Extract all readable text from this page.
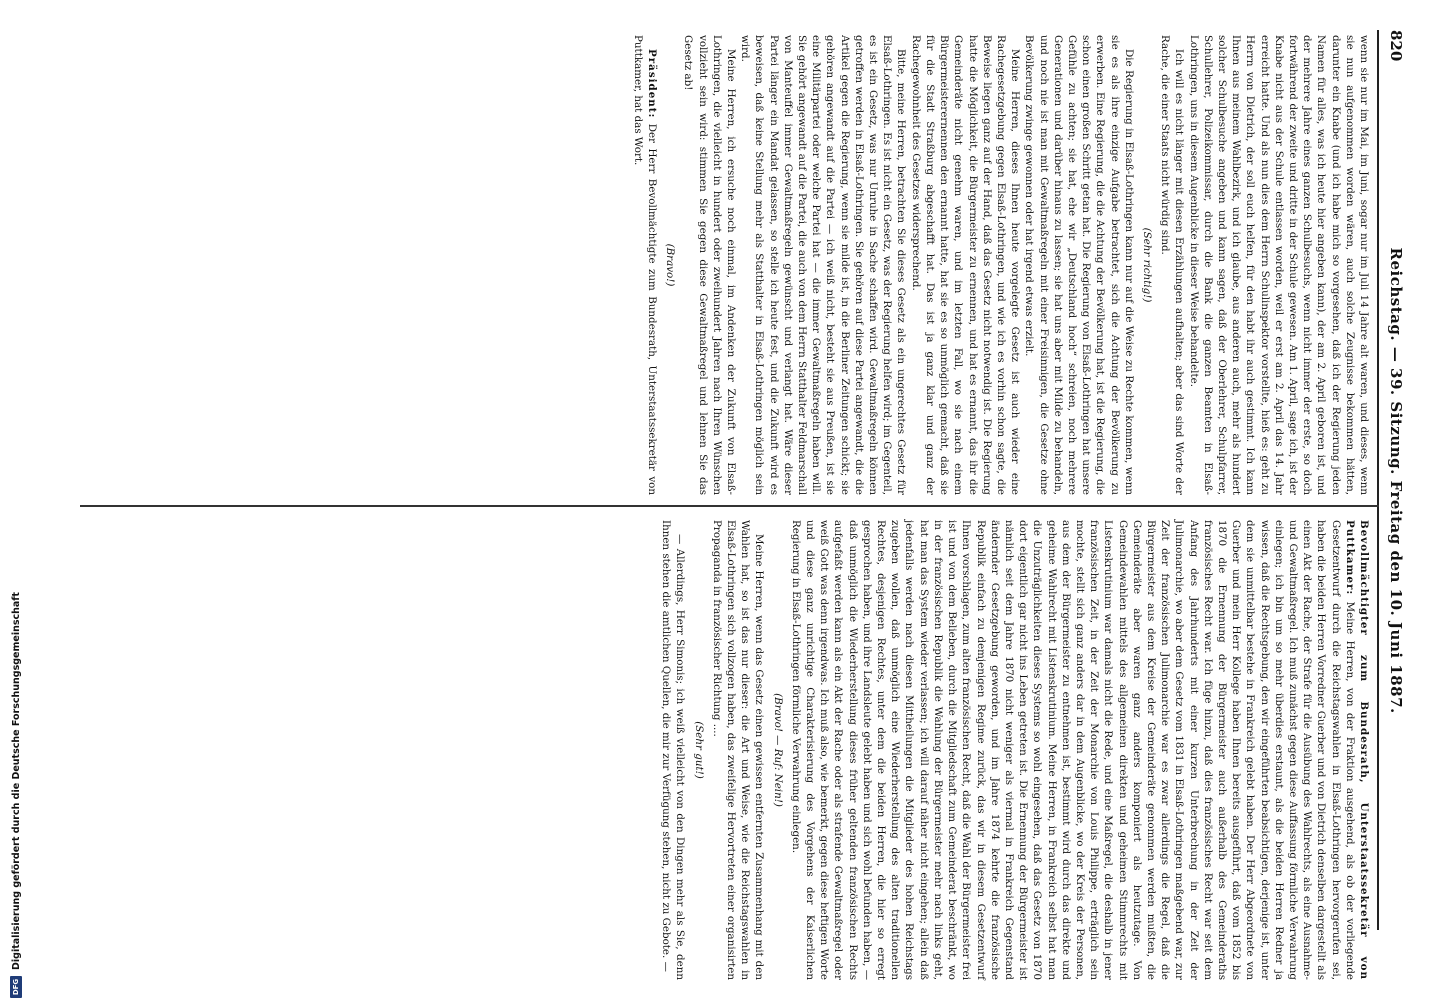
820
Reichstag. — 39. Sitzung. Freitag den 10. Juni 1887.

wenn sie nur im Mai, im Juni, sogar nur im Juli 14 Jahre alt waren, und dieses, wenn sie nun aufgenommen worden wären, auch solche Zeugnisse bekommen hätten, darunter ein Knabe (und ich habe mich so vorgesehen, daß ich der Regierung jeden Namen für alles, was ich heute hier angeben kann), der am 2. April geboren ist, und der mehrere Jahre eines ganzen Schulbesuchs, wenn nicht immer der erste, so doch fortwährend der zweite und dritte in der Schule gewesen. Am 1. April, sage ich, ist der Knabe nicht aus der Schule entlassen worden, weil er erst am 2. April das 14. Jahr erreicht hatte. Und als nun dies dem Herrn Schulinspektor vorstellte, hieß es: geht zu Herrn von Dietrich, der soll euch helfen, für den habt ihr auch gestimmt. Ich kann Ihnen aus meinem Wahlbezirk, und ich glaube, aus anderen auch, mehr als hundert solcher Schulbesuche angeben und kann sagen, daß der Oberlehrer, Schulpfarrer, Schullehrer, Polizeikommissar, durch die Bank die ganzen Beamten in Elsaß-Lothringen, uns in diesem Augenblicke in dieser Weise behandelte.

Ich will es nicht länger mit diesen Erzählungen aufhalten; aber das sind Worte der Rache, die einer Staats nicht würdig sind.

(Sehr richtig!)

Die Regierung in Elsaß-Lothringen kann nur auf die Weise zu Rechte kommen, wenn sie es als ihre einzige Aufgabe betrachtet, sich die Achtung der Bevölkerung zu erwerben. Eine Regierung, die die Achtung der Bevölkerung hat, ist die Regierung, die schon einen großen Schritt getan hat. Die Regierung von Elsaß-Lothringen hat unsere Gefühle zu achten; sie hat, ehe wir „Deutschland hoch“ schreien, noch mehrere Generationen und darüber hinaus zu lassen; sie hat uns aber mit Milde zu behandeln, und noch nie ist man mit Gewaltmaßregeln mit einer Freisinnigen, die Gesetze ohne Bevölkerung zwinge gewonnen oder hat irgend etwas erzielt.

Meine Herren, dieses Ihnen heute vorgelegte Gesetz ist auch wieder eine Rachegesetzgebung gegen Elsaß-Lothringen, und wie ich es vorhin schon sagte, die Beweise liegen ganz auf der Hand, daß das Gesetz nicht notwendig ist. Die Regierung hatte die Möglichkeit, die Bürgermeister zu ernennen, und hat es ernannt, das ihr die Gemeinderäte nicht genehm waren, und im letzten Fall, wo sie nach einem Bürgermeisterernennen den ernannt hatte, hat sie es so unmöglich gemacht, daß sie für die Stadt Straßburg abgeschafft hat. Das ist ja ganz klar und ganz der Rachegewohnheit des Gesetzes widersprechend.

Bitte, meine Herren, betrachten Sie dieses Gesetz als ein ungerechtes Gesetz für Elsaß-Lothringen. Es ist nicht ein Gesetz, was der Regierung helfen wird; im Gegenteil, es ist ein Gesetz, was nur Unruhe in Sache schaffen wird. Gewaltmaßregeln können getroffen werden in Elsaß-Lothringen. Sie gehören auf diese Partei angewandt, die die Artikel gegen die Regierung, wenn sie milde ist, in die Berliner Zeitungen schickt; sie gehören angewandt auf die Partei — ich weiß nicht, besteht sie aus Preußen, ist sie eine Militärpartei oder welche Partei hat — die immer Gewaltmaßregeln haben will. Sie gehört angewandt auf die Partei, die auch von dem Herrn Statthalter Feldmarschall von Manteuffel immer Gewaltmaßregeln gewünscht und verlangt hat. Wäre dieser Partei länger ein Mandat gelassen, so stelle ich heute fest, und die Zukunft wird es beweisen, daß keine Stellung mehr als Statthalter in Elsaß-Lothringen möglich sein wird.

Meine Herren, ich ersuche noch einmal, im Andenken der Zukunft von Elsaß-Lothringen, die vielleicht in hundert oder zweihundert Jahren nach Ihren Wünschen vollzieht sein wird: stimmen Sie gegen diese Gewaltmaßregel und lehnen Sie das Gesetz ab!

(Bravo!)

Präsident: Der Herr Bevollmächtigte zum Bundesrath, Unterstaatssekretär von Puttkamer, hat das Wort.

Bevollmächtigter zum Bundesrath, Unterstaatssekretär von Puttkamer: Meine Herren, von der Fraktion ausgehend, als ob der vorliegende Gesetzentwurf durch die Reichstagswahlen in Elsaß-Lothringen hervorgerufen sei, haben die beiden Herren Vorredner Guerber und von Dietrich denselben dargestellt als einen Akt der Rache, der Strafe für die Ausübung des Wahlrechts, als eine Ausnahme- und Gewaltmaßregel. Ich muß zunächst gegen diese Auffassung förmliche Verwahrung einlegen; ich bin um so mehr überdies erstaunt, als die beiden Herren Redner ja wissen, daß die Rechtsgebung, den wir eingeführten beabsichtigen, derjenige ist, unter dem sie unmittelbar bestehe in Frankreich gelebt haben. Der Herr Abgeordnete von Guerber und mein Herr Kollege haben Ihnen bereits ausgeführt, daß vom 1852 bis 1870 die Ernennung der Bürgermeister auch außerhalb des Gemeinderaths französisches Recht war. Ich füge hinzu, daß dies französisches Recht war seit dem Anfang des Jahrhunderts mit einer kurzen Unterbrechung in der Zeit der Julimonarchie, wo aber dem Gesetz vom 1831 in Elsaß-Lothringen maßgebend war, zur Zeit der französischen Julimonarchie war es zwar allerdings die Regel, daß die Bürgermeister aus dem Kreise der Gemeinderäte genommen werden mußten, die Gemeinderäte aber waren ganz anders komponiert als heutzutage. Von Gemeindewahlen mittels des allgemeinen direkten und geheimen Stimmrechts mit Listenskrutinium war damals nicht die Rede, und eine Maßregel, die deshalb in jener französischen Zeit, in der Zeit der Monarchie von Louis Philippe, erträglich sein mochte, stellt sich ganz anders dar in dem Augenblicke, wo der Kreis der Personen, aus dem der Bürgermeister zu entnehmen ist, bestimmt wird durch das direkte und geheime Wahlrecht mit Listenskrutinium. Meine Herren, in Frankreich selbst hat man die Unzuträglichkeiten dieses Systems so wohl eingesehen, daß das Gesetz von 1870 dort eigentlich gar nicht ins Leben getreten ist. Die Ernennung der Bürgermeister ist nämlich seit dem Jahre 1870 nicht weniger als viermal in Frankreich Gegenstand ändernder Gesetzgebung geworden, und im Jahre 1874 kehrte die französische Republik einfach zu demjenigen Regime zurück, das wir in diesem Gesetzentwurf Ihnen vorschlagen, zum alten französischen Recht, daß die Wahl der Bürgermeister frei ist und von dem Belieben, durch die Mitgliedschaft zum Gemeinderat beschränkt, wo in der französischen Republik die Wahlung der Bürgermeister mehr nach links geht, hat man das System wieder verlassen; ich will darauf näher nicht eingehen; allein daß jedenfalls werden nach diesen Mittheilungen die Mitglieder des hohen Reichstags zugeben wollen, daß unmöglich eine Wiederherstellung des alten traditionellen Rechtes, desjenigen Rechtes, unter dem die beiden Herren, die hier so erregt gesprochen haben, und ihre Landsleute gelebt haben und sich wohl befunden haben, — daß unmöglich die Wiederherstellung dieses früher geltenden französischen Rechts aufgefaßt werden kann als ein Akt der Rache oder als strafende Gewaltmaßregel oder weiß Gott was denn irgendwas. Ich muß also, wie bemerkt, gegen diese heftigen Worte und diese ganz unrichtige Charakterisierung des Vorgehens der Kaiserlichen Regierung in Elsaß-Lothringen förmliche Verwahrung einlegen.

(Bravo! — Ruf: Nein!)

Meine Herren, wenn das Gesetz einen gewissen entfernten Zusammenhang mit den Wahlen hat, so ist das nur dieser: die Art und Weise, wie die Reichstagswahlen in Elsaß-Lothringen sich vollzogen haben, das zweifelige Hervortreten einer organisirten Propaganda in französischer Richtung ....

(Sehr gut!)

— Allerdings, Herr Simonis; ich weiß vielleicht von den Dingen mehr als Sie, denn Ihnen stehen die amtlichen Quellen, die mir zur Verfügung stehen, nicht zu Gebote. —

DFG
Digitalisierung gefördert durch die Deutsche Forschungsgemeinschaft
